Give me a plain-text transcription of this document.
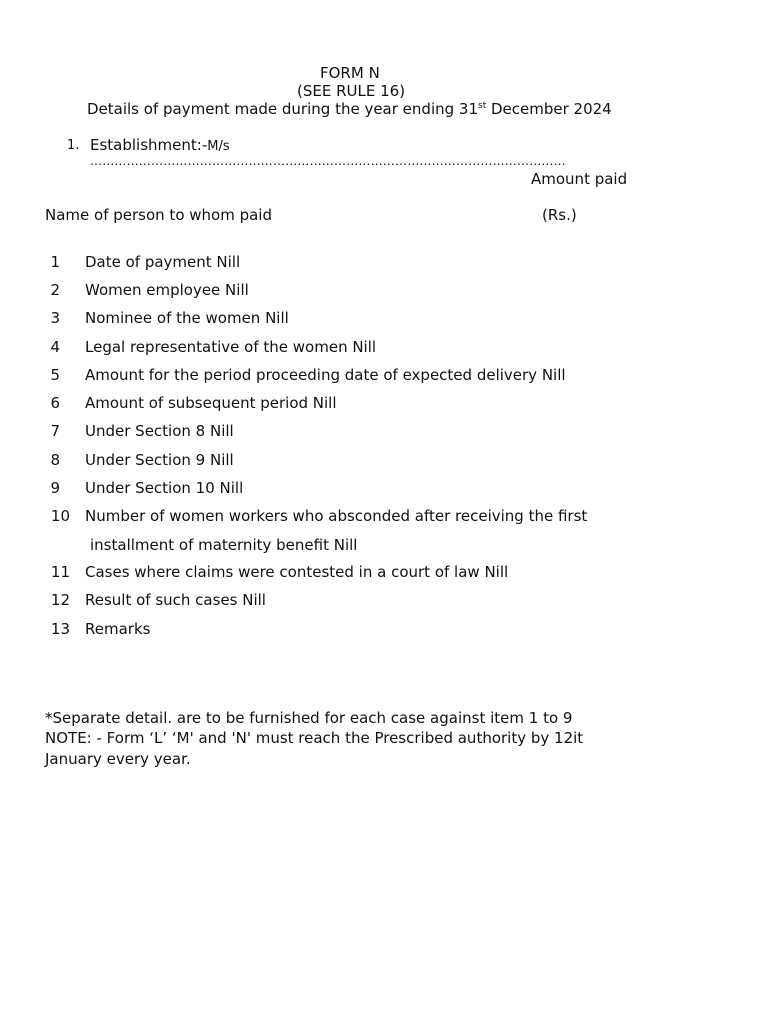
FORM N
(SEE RULE 16)
Details of payment made during the year ending 31st December 2024
1. Establishment:-M/s
………………………………………………………………………………………………………
Amount paid
Name of person to whom paid	(Rs.)
1 Date of payment Nill
2 Women employee Nill
3 Nominee of the women Nill
4 Legal representative of the women Nill
5 Amount for the period proceeding date of expected delivery Nill
6 Amount of subsequent period Nill
7 Under Section 8 Nill
8 Under Section 9 Nill
9 Under Section 10 Nill
10 Number of women workers who absconded after receiving the first
installment of maternity benefit Nill
11 Cases where claims were contested in a court of law Nill
12 Result of such cases Nill
13 Remarks
*Separate detail. are to be furnished for each case against item 1 to 9
NOTE: - Form ‘L’ ‘M' and 'N' must reach the Prescribed authority by 12it
January every year.
